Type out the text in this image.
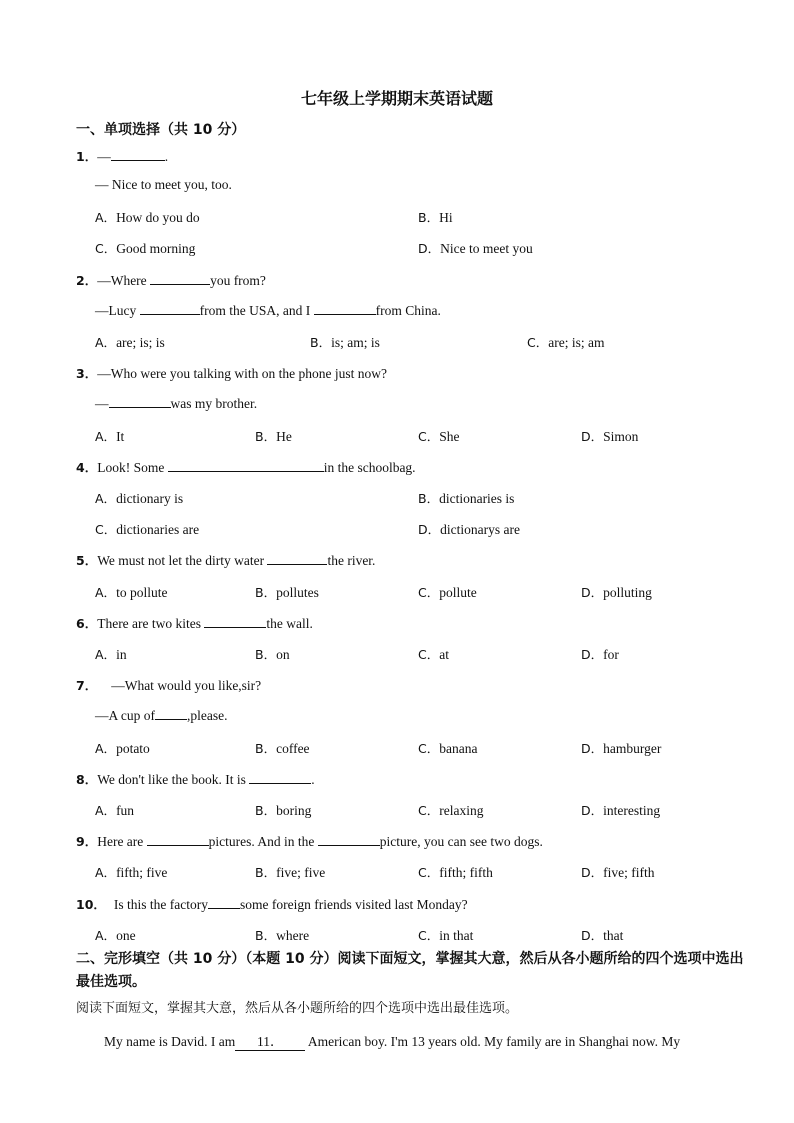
七年级上学期期末英语试题
一、单项选择（共 10 分）
1．—	.
— Nice to meet you, too.
A．How do you do	B．Hi
C．Good morning	D．Nice to meet you
2．—Where	you from?
—Lucy	from the USA, and I	from China.
A．are; is; is	B．is; am; is	C．are; is; am
3．—Who were you talking with on the phone just now?
—	was my brother.
A．It	B．He	C．She	D．Simon
4．Look! Some	in the schoolbag.
A．dictionary is	B．dictionaries is
C．dictionaries are	D．dictionarys are
5．We must not let the dirty water	the river.
A．to pollute	B．pollutes	C．pollute	D．polluting
6．There are two kites	the wall.
A．in	B．on	C．at	D．for
7． —What would you like,sir?
—A cup of ,please.
A．potato	B．coffee	C．banana	D．hamburger
8．We don't like the book. It is	.
A．fun	B．boring	C．relaxing	D．interesting
9．Here are	pictures. And in the	picture, you can see two dogs.
A．fifth; five	B．five; five	C．fifth; fifth	D．five; fifth
10． Is this the factory some foreign friends visited last Monday?
A．one	B．where	C．in that	D．that
二、完形填空（共 10 分）（本题 10 分）阅读下面短文，掌握其大意，然后从各小题所给的四个选项中选出最佳选项。
阅读下面短文，掌握其大意，然后从各小题所给的四个选项中选出最佳选项。
My name is David. I am 11． American boy. I'm 13 years old. My family are in Shanghai now. My
